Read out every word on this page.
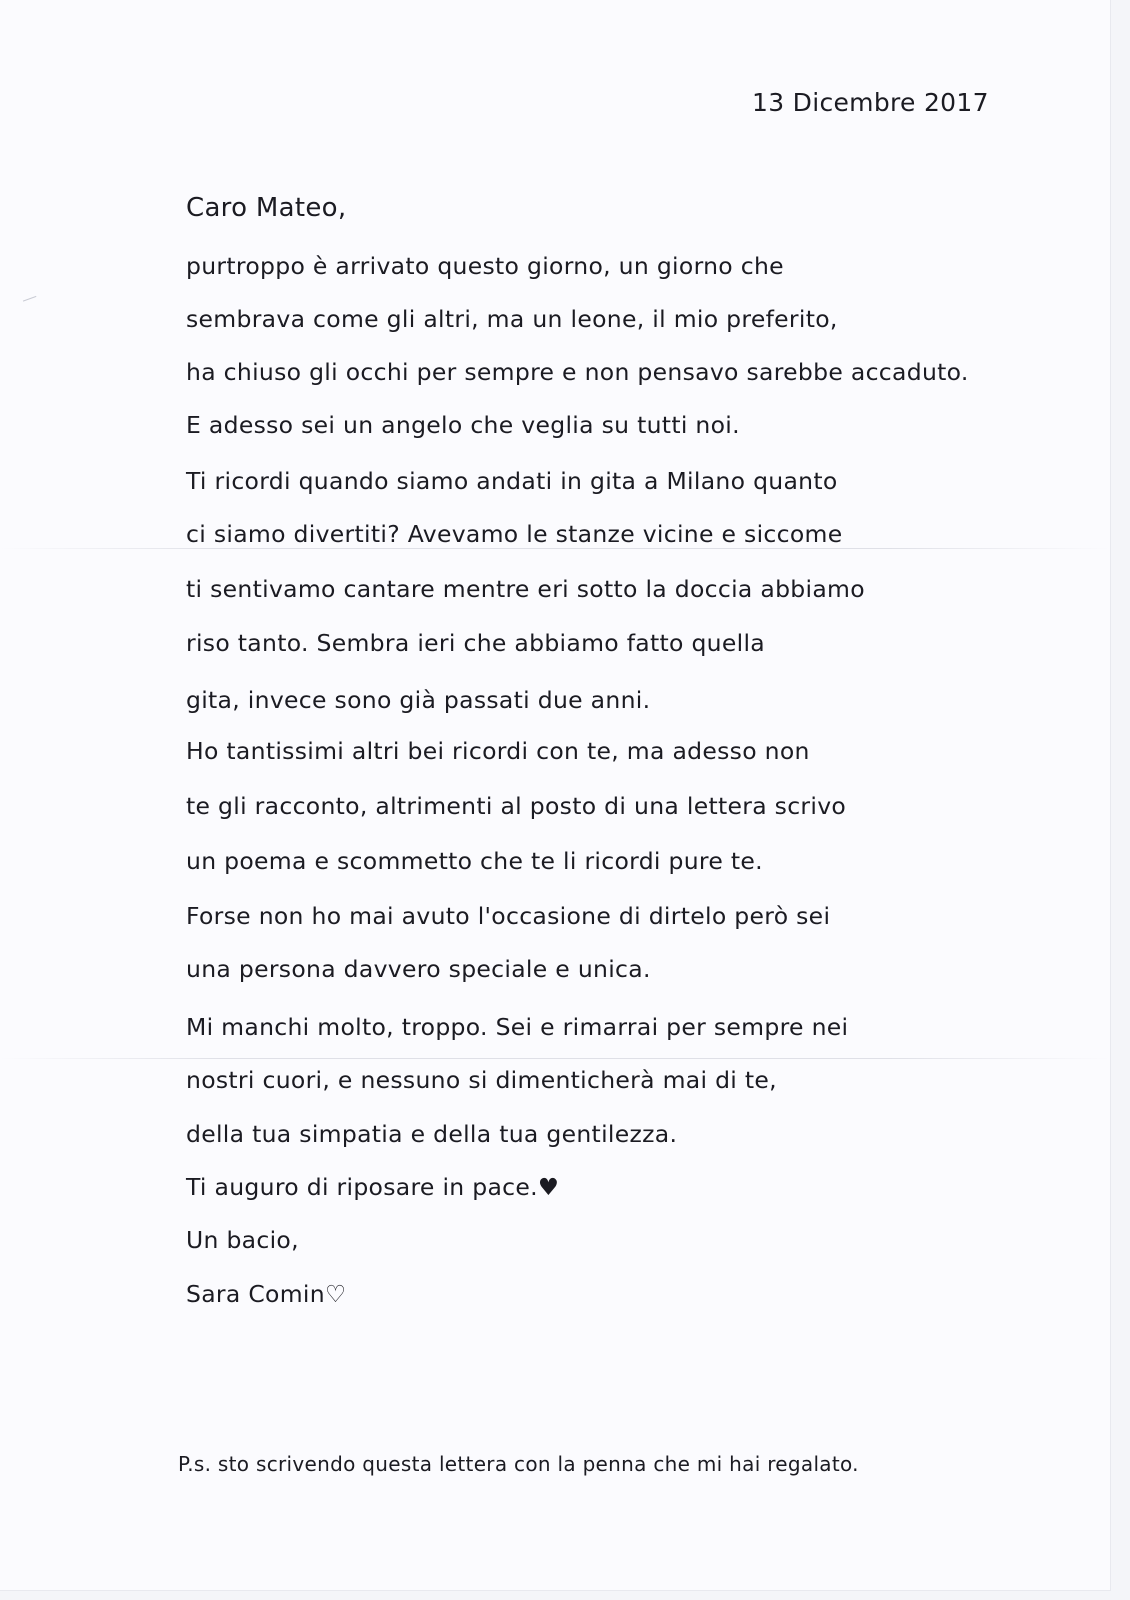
13 Dicembre 2017

Caro Mateo,

purtroppo è arrivato questo giorno, un giorno che

sembrava come gli altri, ma un leone, il mio preferito,

ha chiuso gli occhi per sempre e non pensavo sarebbe accaduto.

E adesso sei un angelo che veglia su tutti noi.

Ti ricordi quando siamo andati in gita a Milano quanto

ci siamo divertiti? Avevamo le stanze vicine e siccome

ti sentivamo cantare mentre eri sotto la doccia abbiamo

riso tanto. Sembra ieri che abbiamo fatto quella

gita, invece sono già passati due anni.

Ho tantissimi altri bei ricordi con te, ma adesso non

te gli racconto, altrimenti al posto di una lettera scrivo

un poema e scommetto che te li ricordi pure te.

Forse non ho mai avuto l'occasione di dirtelo però sei

una persona davvero speciale e unica.

Mi manchi molto, troppo. Sei e rimarrai per sempre nei

nostri cuori, e nessuno si dimenticherà mai di te,

della tua simpatia e della tua gentilezza.

Ti auguro di riposare in pace.♥

Un bacio,

Sara Comin♡

P.s. sto scrivendo questa lettera con la penna che mi hai regalato.
